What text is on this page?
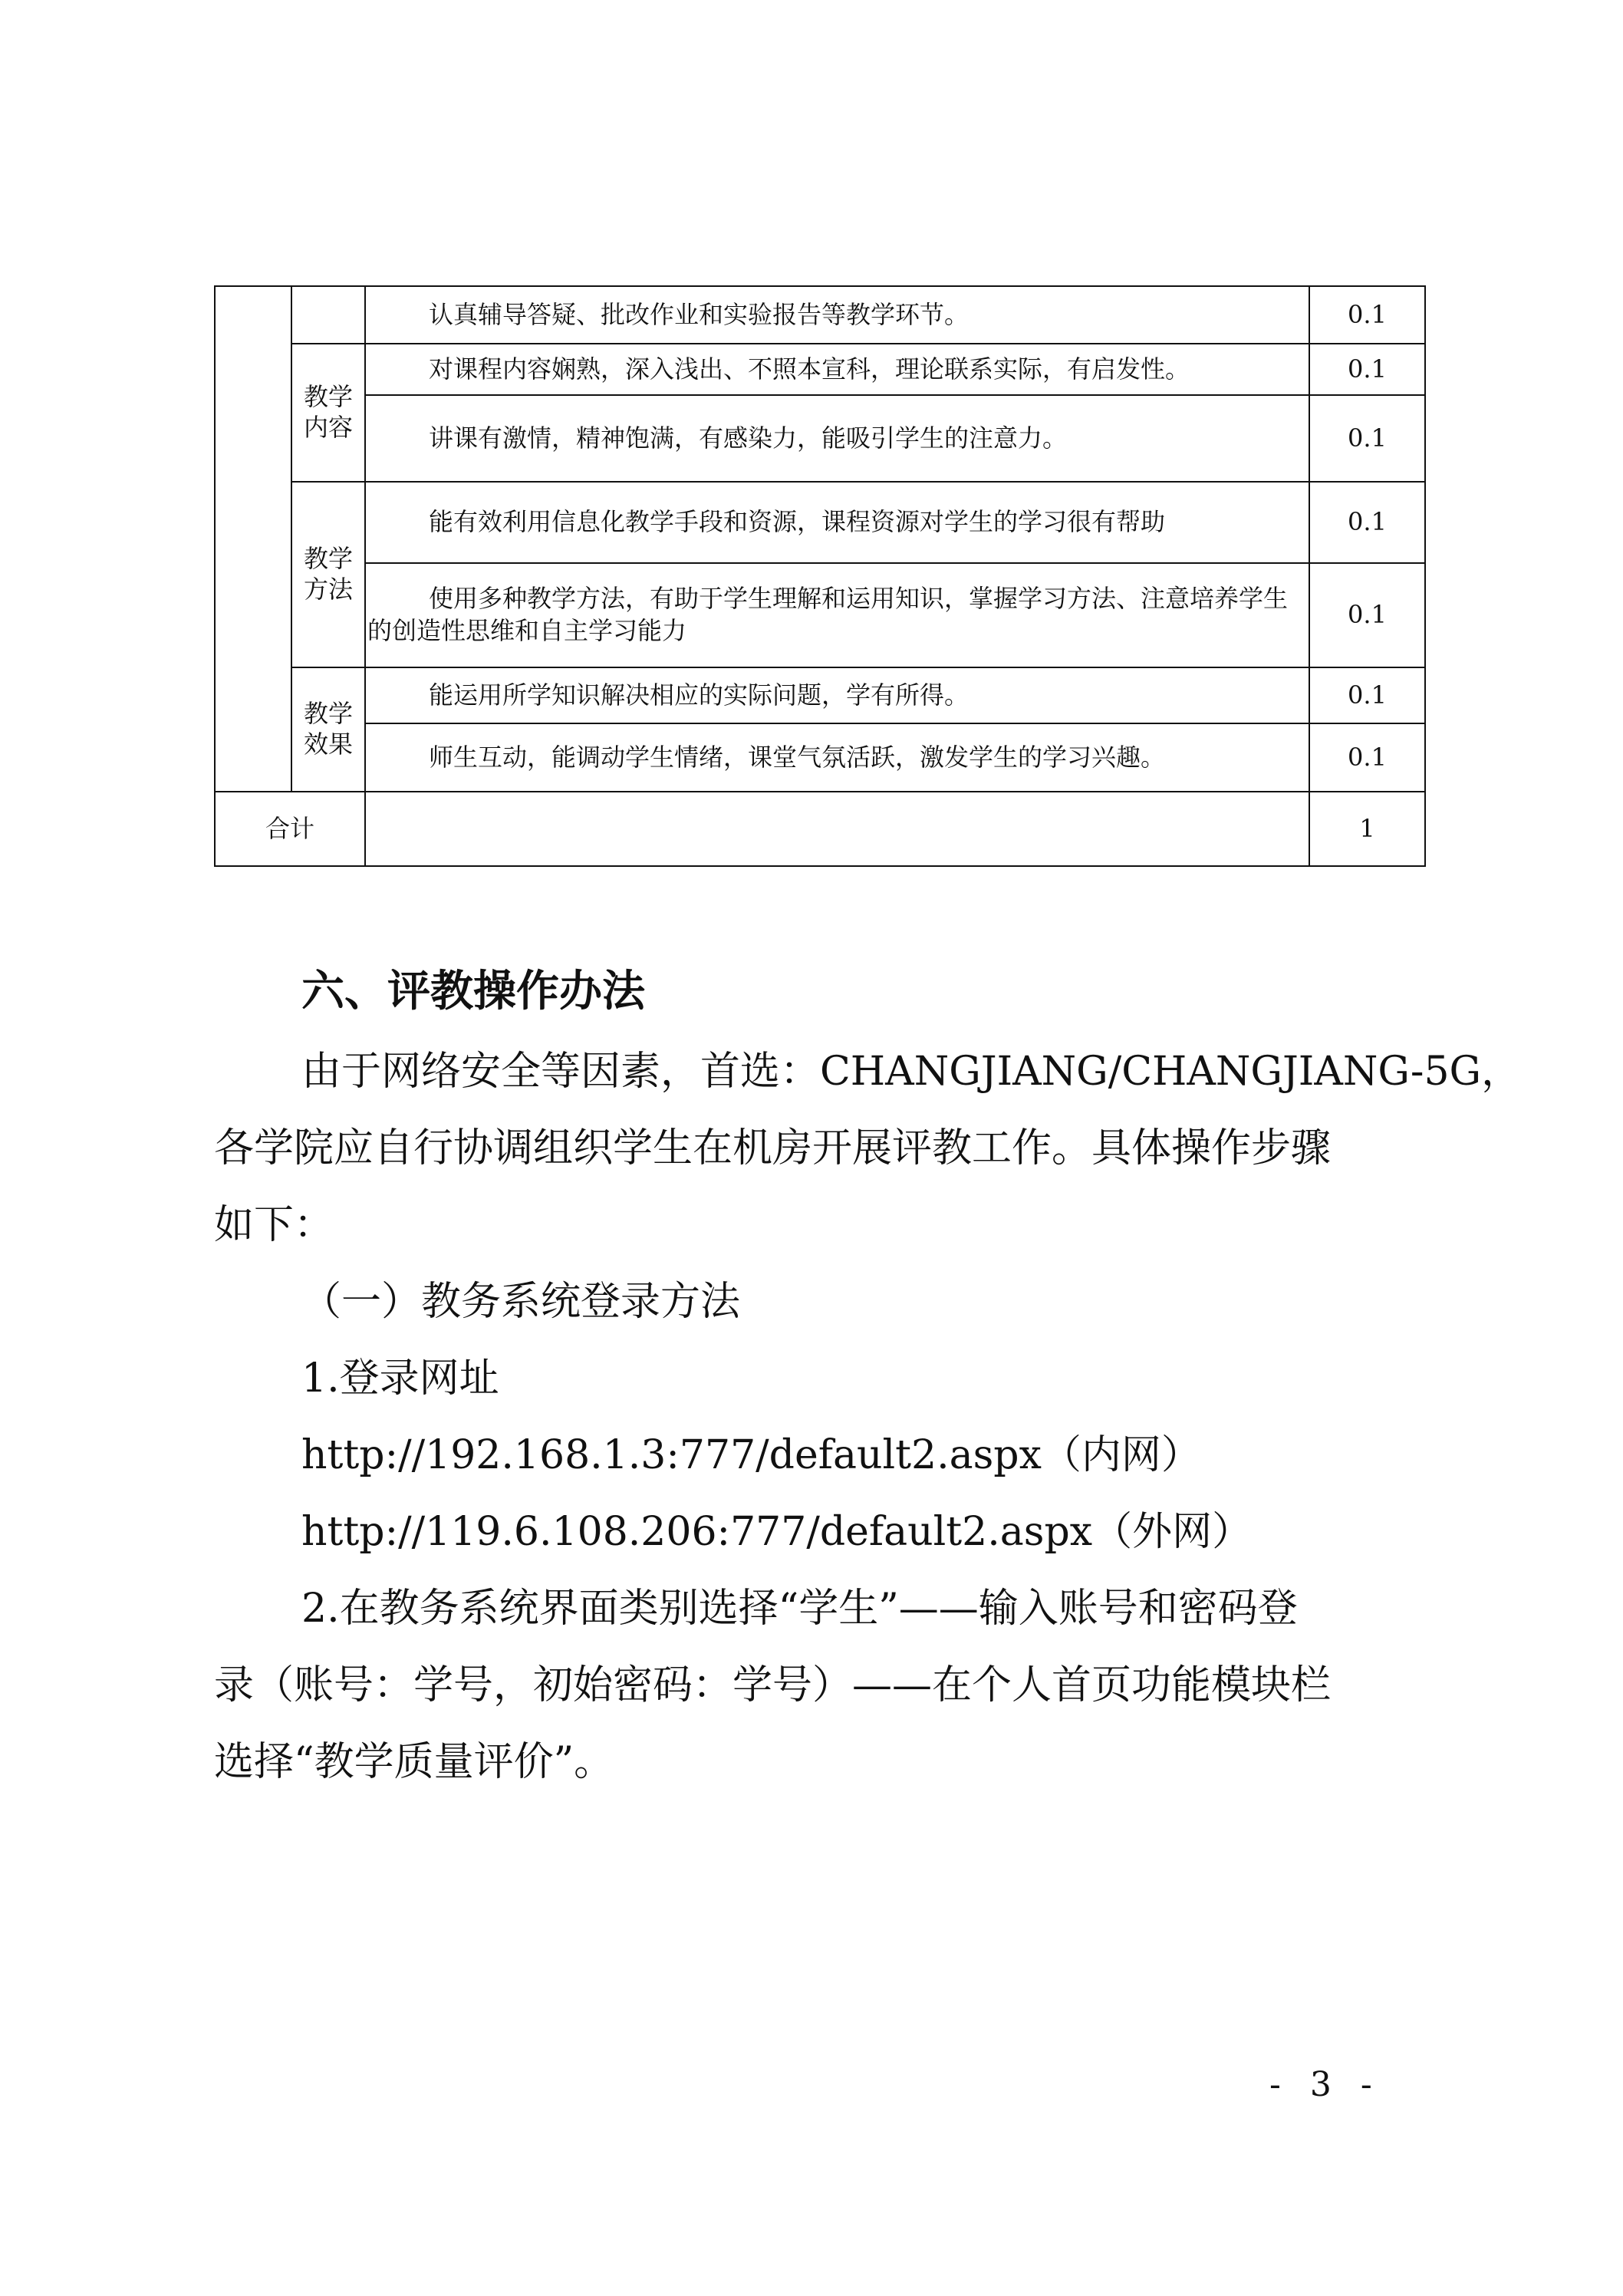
		认真辅导答疑、批改作业和实验报告等教学环节。	0.1
	教学内容	对课程内容娴熟，深入浅出、不照本宣科，理论联系实际，有启发性。	0.1

		讲课有激情，精神饱满，有感染力，能吸引学生的注意力。	0.1
	教学方法	能有效利用信息化教学手段和资源，课程资源对学生的学习很有帮助	0.1

		使用多种教学方法，有助于学生理解和运用知识，掌握学习方法、注意培养学生的创造性思维和自主学习能力	0.1
	教学效果	能运用所学知识解决相应的实际问题，学有所得。	0.1

		师生互动，能调动学生情绪，课堂气氛活跃，激发学生的学习兴趣。	0.1
合计			1
六、评教操作办法
由于网络安全等因素，首选：CHANGJIANG/CHANGJIANG-5G，
各学院应自行协调组织学生在机房开展评教工作。具体操作步骤
如下：
（一）教务系统登录方法
1.登录网址
http://192.168.1.3:777/default2.aspx（内网）
http://119.6.108.206:777/default2.aspx（外网）
2.在教务系统界面类别选择“学生”——输入账号和密码登
录（账号：学号，初始密码：学号）——在个人首页功能模块栏
选择“教学质量评价”。
- 3 -
